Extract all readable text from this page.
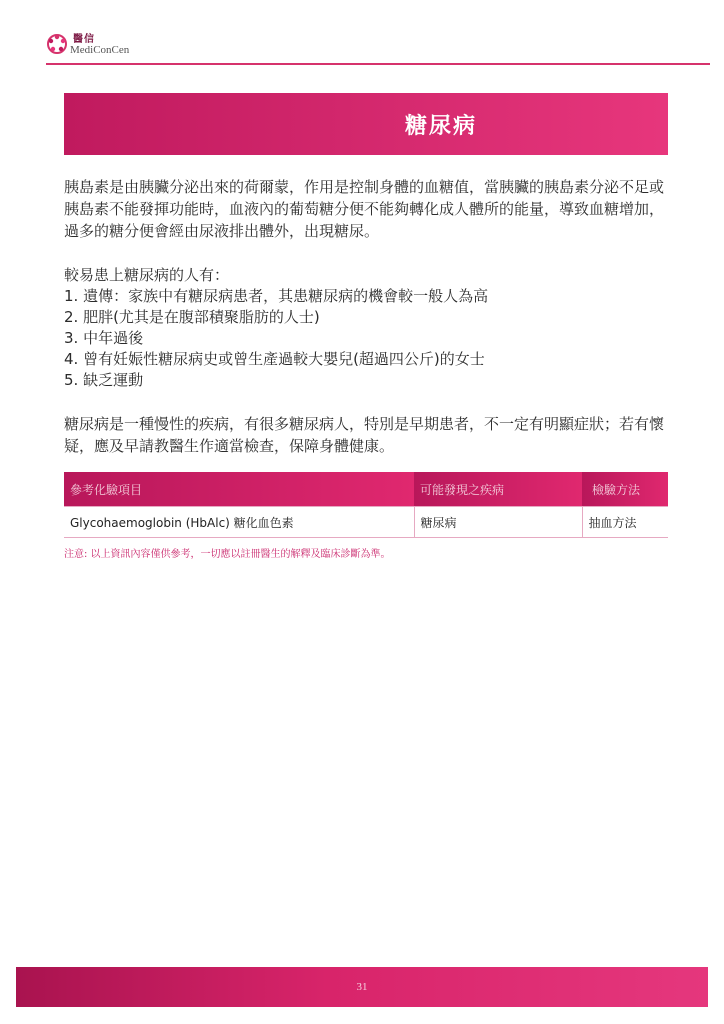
醫信
MediConCen
糖尿病

胰島素是由胰臟分泌出來的荷爾蒙，作用是控制身體的血糖值，當胰臟的胰島素分泌不足或胰島素不能發揮功能時，血液內的葡萄糖分便不能夠轉化成人體所的能量，導致血糖增加，過多的糖分便會經由尿液排出體外，出現糖尿。

較易患上糖尿病的人有：

1. 遺傳：家族中有糖尿病患者，其患糖尿病的機會較一般人為高
2. 肥胖(尤其是在腹部積聚脂肪的人士)
3. 中年過後
4. 曾有妊娠性糖尿病史或曾生產過較大嬰兒(超過四公斤)的女士
5. 缺乏運動

糖尿病是一種慢性的疾病，有很多糖尿病人，特別是早期患者，不一定有明顯症狀；若有懷疑，應及早請教醫生作適當檢查，保障身體健康。

參考化驗項目	可能發現之疾病	檢驗方法
Glycohaemoglobin (HbAlc) 糖化血色素	糖尿病	抽血方法
注意: 以上資訊內容僅供參考，一切應以註冊醫生的解釋及臨床診斷為準。
31
